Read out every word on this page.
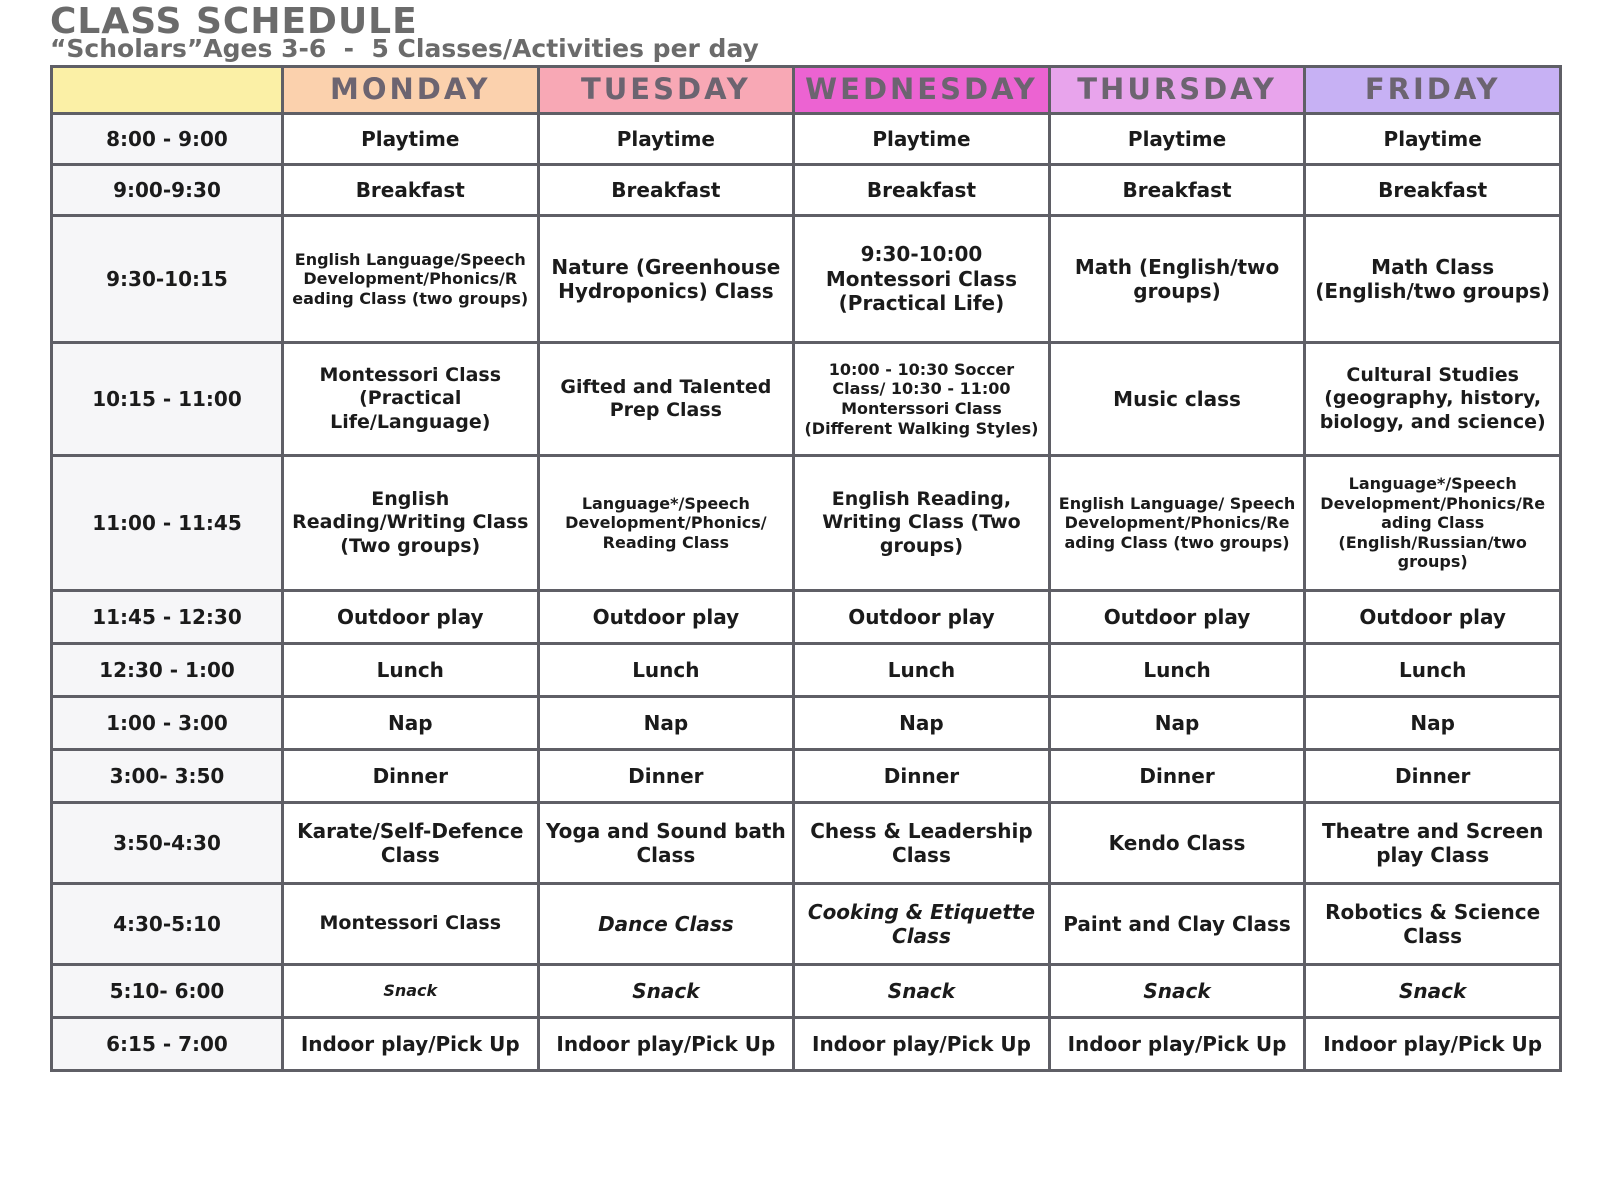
CLASS SCHEDULE
“Scholars”Ages 3-6  -  5 Classes/Activities per day
	MONDAY	TUESDAY	WEDNESDAY	THURSDAY	FRIDAY
8:00 - 9:00	Playtime	Playtime	Playtime	Playtime	Playtime
9:00-9:30	Breakfast	Breakfast	Breakfast	Breakfast	Breakfast
9:30-10:15	English Language/Speech Development/Phonics/R eading Class (two groups)	Nature (Greenhouse Hydroponics) Class	9:30-10:00 Montessori Class (Practical Life)	Math (English/two groups)	Math Class (English/two groups)
10:15 - 11:00	Montessori Class (Practical Life/Language)	Gifted and Talented Prep Class	10:00 - 10:30 Soccer Class/ 10:30 - 11:00 Monterssori Class (Different Walking Styles)	Music class	Cultural Studies (geography, history, biology, and science)
11:00 - 11:45	English Reading/Writing Class (Two groups)	Language*/Speech Development/Phonics/ Reading Class	English Reading, Writing Class (Two groups)	English Language/ Speech Development/Phonics/Re ading Class (two groups)	Language*/Speech Development/Phonics/Re ading Class (English/Russian/two groups)
11:45 - 12:30	Outdoor play	Outdoor play	Outdoor play	Outdoor play	Outdoor play
12:30 - 1:00	Lunch	Lunch	Lunch	Lunch	Lunch
1:00 - 3:00	Nap	Nap	Nap	Nap	Nap
3:00- 3:50	Dinner	Dinner	Dinner	Dinner	Dinner
3:50-4:30	Karate/Self-Defence Class	Yoga and Sound bath Class	Chess & Leadership Class	Kendo Class	Theatre and Screen play Class
4:30-5:10	Montessori Class	Dance Class	Cooking & Etiquette Class	Paint and Clay Class	Robotics & Science Class
5:10- 6:00	Snack	Snack	Snack	Snack	Snack
6:15 - 7:00	Indoor play/Pick Up	Indoor play/Pick Up	Indoor play/Pick Up	Indoor play/Pick Up	Indoor play/Pick Up
